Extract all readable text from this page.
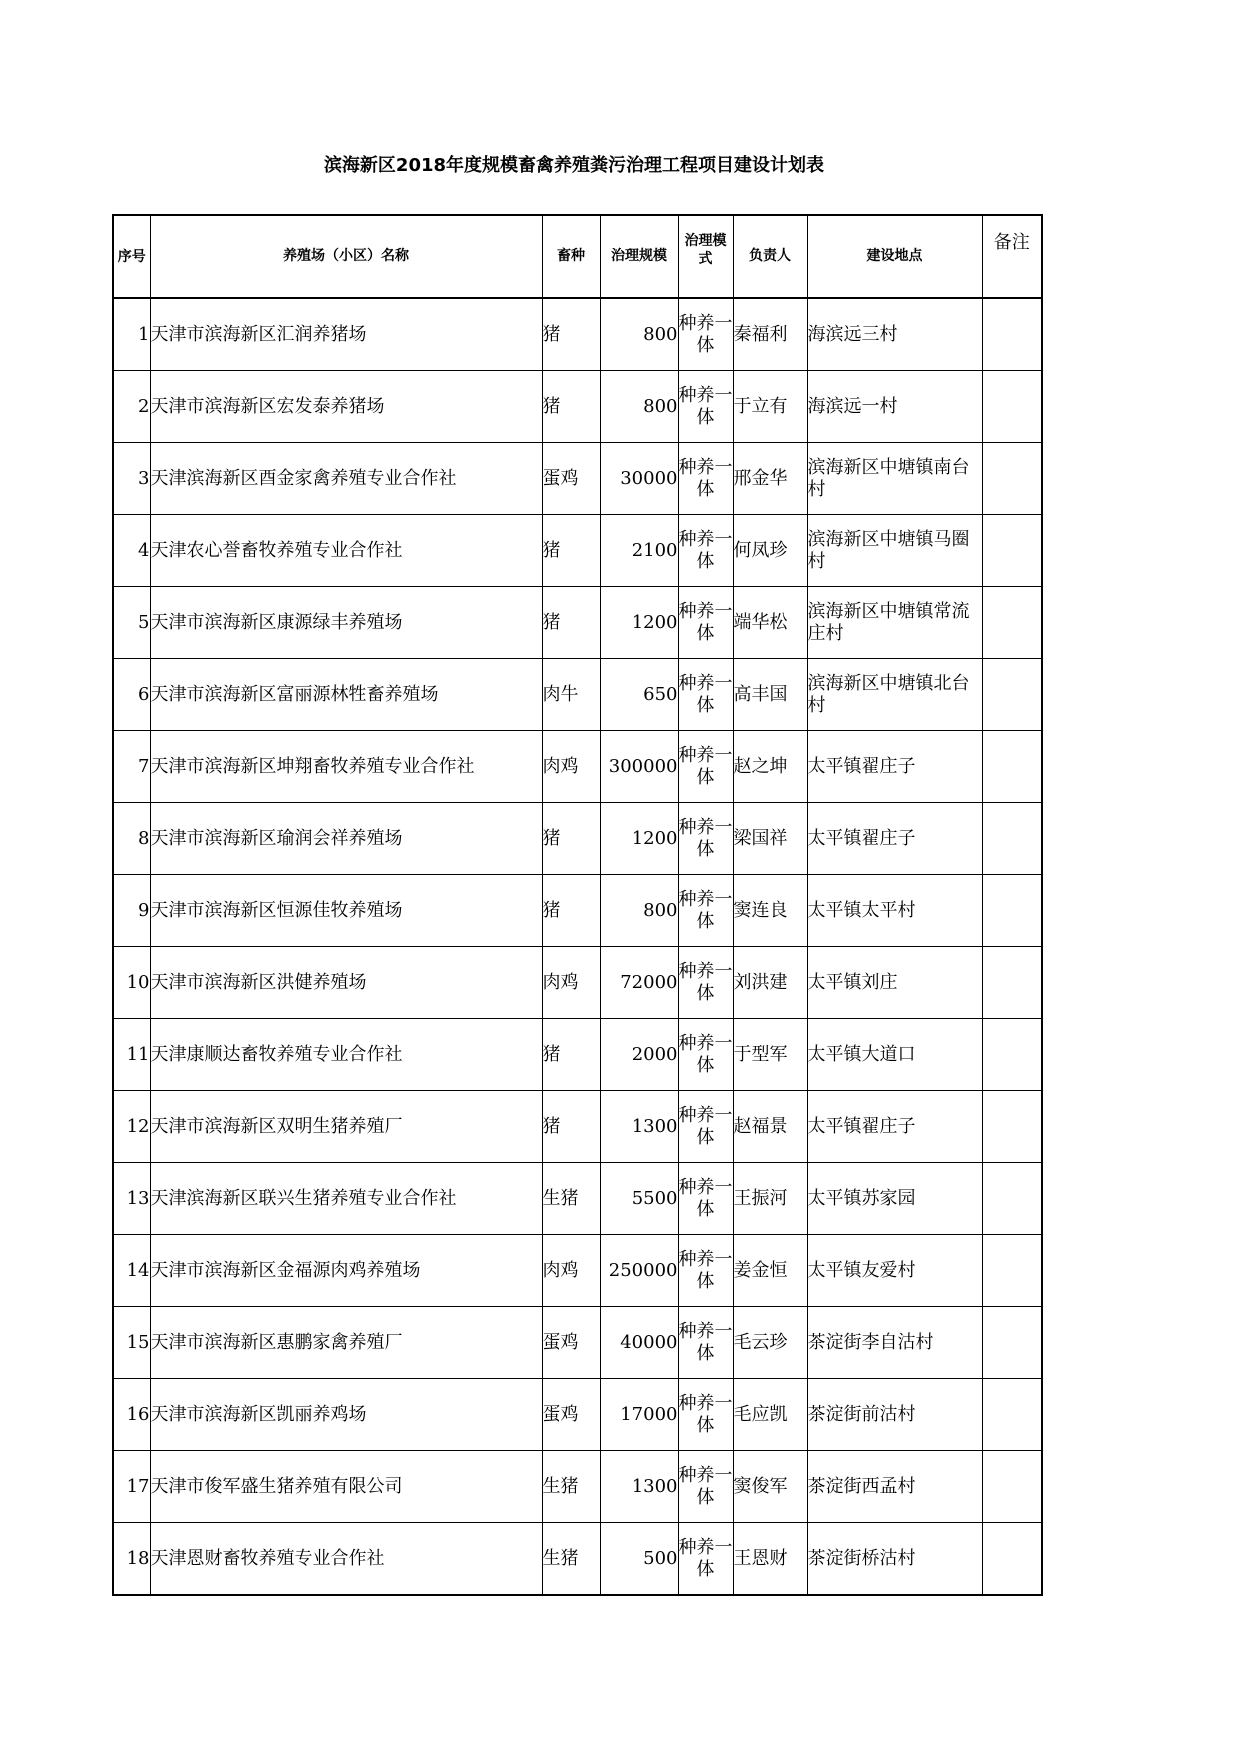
滨海新区2018年度规模畜禽养殖粪污治理工程项目建设计划表
序号	养殖场（小区）名称	畜种	治理规模	治理模式	负责人	建设地点	备注
1	天津市滨海新区汇润养猪场	猪	800	种养一体	秦福利	海滨远三村	
2	天津市滨海新区宏发泰养猪场	猪	800	种养一体	于立有	海滨远一村	
3	天津滨海新区酉金家禽养殖专业合作社	蛋鸡	30000	种养一体	邢金华	滨海新区中塘镇南台村	
4	天津农心誉畜牧养殖专业合作社	猪	2100	种养一体	何凤珍	滨海新区中塘镇马圈村	
5	天津市滨海新区康源绿丰养殖场	猪	1200	种养一体	端华松	滨海新区中塘镇常流庄村	
6	天津市滨海新区富丽源林牲畜养殖场	肉牛	650	种养一体	高丰国	滨海新区中塘镇北台村	
7	天津市滨海新区坤翔畜牧养殖专业合作社	肉鸡	300000	种养一体	赵之坤	太平镇翟庄子	
8	天津市滨海新区瑜润会祥养殖场	猪	1200	种养一体	梁国祥	太平镇翟庄子	
9	天津市滨海新区恒源佳牧养殖场	猪	800	种养一体	窦连良	太平镇太平村	
10	天津市滨海新区洪健养殖场	肉鸡	72000	种养一体	刘洪建	太平镇刘庄	
11	天津康顺达畜牧养殖专业合作社	猪	2000	种养一体	于型军	太平镇大道口	
12	天津市滨海新区双明生猪养殖厂	猪	1300	种养一体	赵福景	太平镇翟庄子	
13	天津滨海新区联兴生猪养殖专业合作社	生猪	5500	种养一体	王振河	太平镇苏家园	
14	天津市滨海新区金福源肉鸡养殖场	肉鸡	250000	种养一体	姜金恒	太平镇友爱村	
15	天津市滨海新区惠鹏家禽养殖厂	蛋鸡	40000	种养一体	毛云珍	茶淀街李自沽村	
16	天津市滨海新区凯丽养鸡场	蛋鸡	17000	种养一体	毛应凯	茶淀街前沽村	
17	天津市俊军盛生猪养殖有限公司	生猪	1300	种养一体	窦俊军	茶淀街西孟村	
18	天津恩财畜牧养殖专业合作社	生猪	500	种养一体	王恩财	茶淀街桥沽村	
